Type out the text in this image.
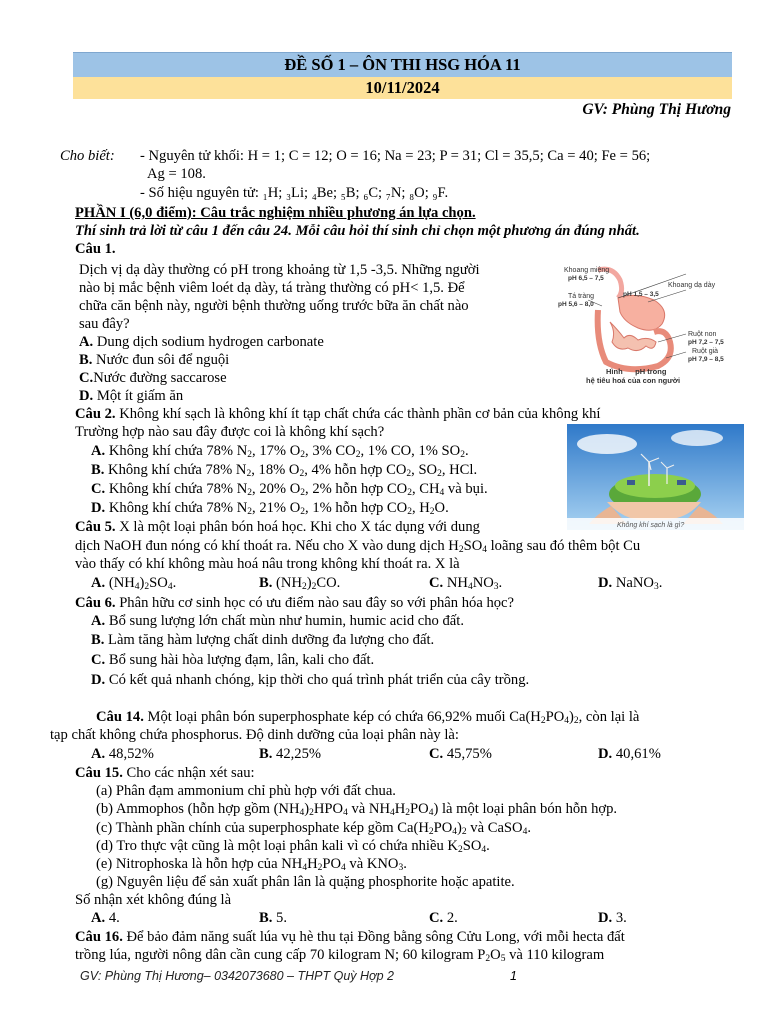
ĐỀ SỐ 1 – ÔN THI HSG HÓA 11
10/11/2024
GV: Phùng Thị Hương
Cho biết: - Nguyên tử khối: H = 1; C = 12; O = 16; Na = 23; P = 31; Cl = 35,5; Ca = 40; Fe = 56;
Ag = 108.
- Số hiệu nguyên tử: ₁H; ₃Li; ₄Be; ₅B; ₆C; ₇N; ₈O; ₉F.
PHẦN I (6,0 điểm): Câu trắc nghiệm nhiều phương án lựa chọn.
Thí sinh trả lời từ câu 1 đến câu 24. Mỗi câu hỏi thí sinh chỉ chọn một phương án đúng nhất.
Câu 1.
Dịch vị dạ dày thường có pH trong khoảng từ 1,5 -3,5. Những người
nào bị mắc bệnh viêm loét dạ dày, tá tràng thường có pH< 1,5. Để
chữa căn bệnh này, người bệnh thường uống trước bữa ăn chất nào
sau đây?
A. Dung dịch sodium hydrogen carbonate
B. Nước đun sôi để nguội
C.Nước đường saccarose
D. Một ít giấm ăn
Khoang miệng
pH 6,5 – 7,5
Khoang dạ dày
Tá tràng	pH 1,5 – 3,5
pH 5,6 – 8,0
Ruột non
pH 7,2 – 7,5
Ruột già
pH 7,9 – 8,5
Hình      pH trong
hệ tiêu hoá của con người
Câu 2. Không khí sạch là không khí ít tạp chất chứa các thành phần cơ bản của không khí
Trường hợp nào sau đây được coi là không khí sạch?
A. Không khí chứa 78% $N_2$, 17% $O_2$, 3% $CO_2$, 1% CO, 1% $SO_2$.
B. Không khí chứa 78% $N_2$, 18% $O_2$, 4% hỗn hợp $CO_2$, $SO_2$, HCl.
C. Không khí chứa 78% $N_2$, 20% $O_2$, 2% hỗn hợp $CO_2$, $CH_4$ và bụi.
D. Không khí chứa 78% $N_2$, 21% $O_2$, 1% hỗn hợp $CO_2$, $H_2O$.
Không khí sạch là gì?
Câu 5. X là một loại phân bón hoá học. Khi cho X tác dụng với dung
dịch NaOH đun nóng có khí thoát ra. Nếu cho X vào dung dịch $H_2SO_4$ loãng sau đó thêm bột Cu
vào thấy có khí không màu hoá nâu trong không khí thoát ra. X là
A. $(NH_4)_2SO_4$.	B. $(NH_2)_2CO$.	C. $NH_4NO_3$.	D. NaNO$_3$.
Câu 6. Phân hữu cơ sinh học có ưu điểm nào sau đây so với phân hóa học?
A. Bổ sung lượng lớn chất mùn như humin, humic acid cho đất.
B. Làm tăng hàm lượng chất dinh dưỡng đa lượng cho đất.
C. Bổ sung hài hòa lượng đạm, lân, kali cho đất.
D. Có kết quả nhanh chóng, kịp thời cho quá trình phát triển của cây trồng.
Câu 14. Một loại phân bón superphosphate kép có chứa 66,92% muối $Ca(H_2PO_4)_2$, còn lại là
tạp chất không chứa phosphorus. Độ dinh dưỡng của loại phân này là:
A. 48,52%	B. 42,25%	C. 45,75%	D. 40,61%
Câu 15. Cho các nhận xét sau:
(a) Phân đạm ammonium chỉ phù hợp với đất chua.
(b) Ammophos (hỗn hợp gồm $(NH_4)_2HPO_4$ và $NH_4H_2PO_4$) là một loại phân bón hỗn hợp.
(c) Thành phần chính của superphosphate kép gồm $Ca(H_2PO_4)_2$ và CaSO$_4$.
(d) Tro thực vật cũng là một loại phân kali vì có chứa nhiều $K_2SO_4$.
(e) Nitrophoska là hỗn hợp của $NH_4H_2PO_4$ và $KNO_3$.
(g) Nguyên liệu để sản xuất phân lân là quặng phosphorite hoặc apatite.
Số nhận xét không đúng là
A. 4.	B. 5.	C. 2.	D. 3.
Câu 16. Để bảo đảm năng suất lúa vụ hè thu tại Đồng bằng sông Cửu Long, với mỗi hecta đất
trồng lúa, người nông dân cần cung cấp 70 kilogram N; 60 kilogram $P_2O_5$ và 110 kilogram
GV: Phùng Thị Hương– 0342073680 – THPT Quỳ Hợp 2	1
